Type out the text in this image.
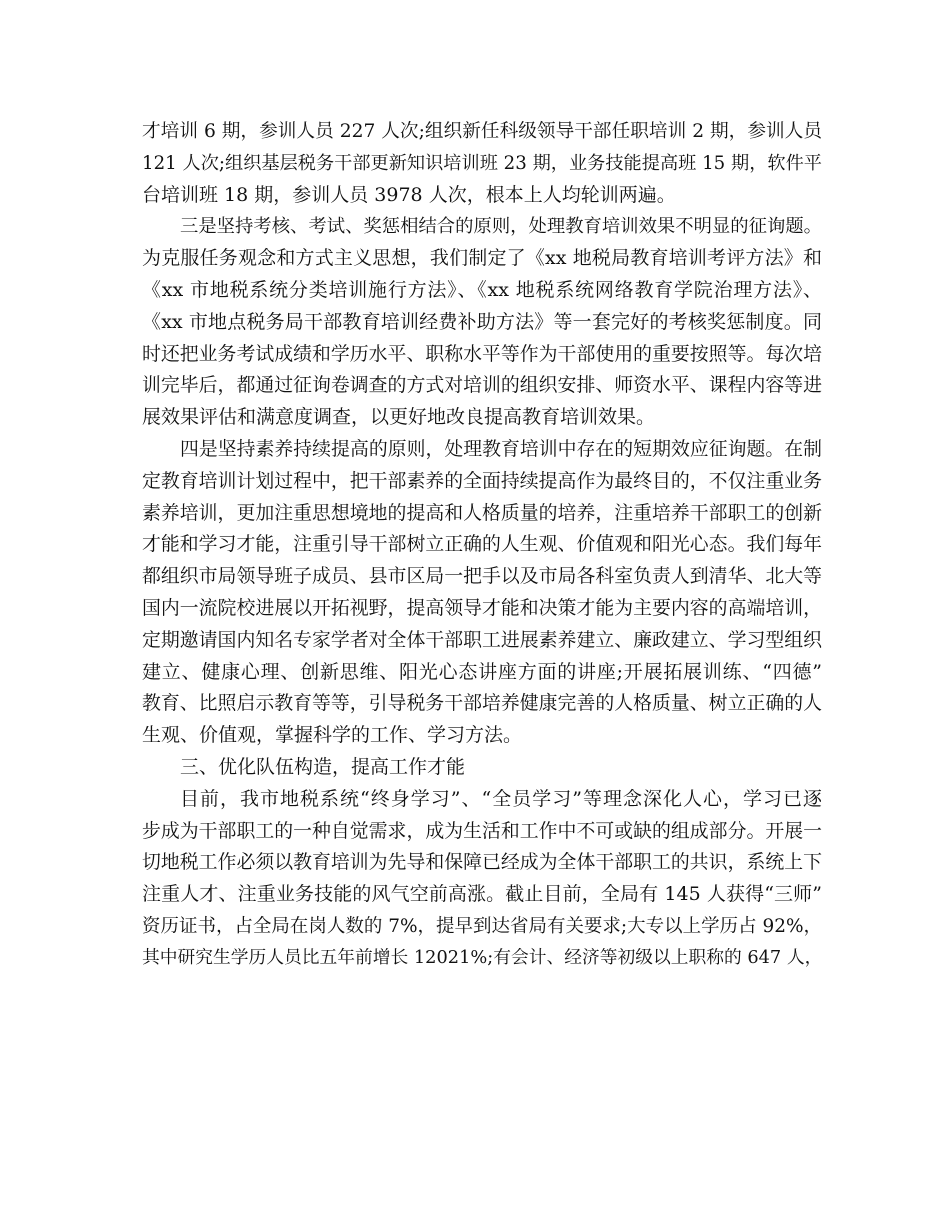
才培训 6 期，参训人员 227 人次;组织新任科级领导干部任职培训 2 期，参训人员
121 人次;组织基层税务干部更新知识培训班 23 期，业务技能提高班 15 期，软件平
台培训班 18 期，参训人员 3978 人次，根本上人均轮训两遍。
三是坚持考核、考试、奖惩相结合的原则，处理教育培训效果不明显的征询题。
为克服任务观念和方式主义思想，我们制定了《xx 地税局教育培训考评方法》和
《xx 市地税系统分类培训施行方法》、《xx 地税系统网络教育学院治理方法》、
《xx 市地点税务局干部教育培训经费补助方法》等一套完好的考核奖惩制度。同
时还把业务考试成绩和学历水平、职称水平等作为干部使用的重要按照等。每次培
训完毕后，都通过征询卷调查的方式对培训的组织安排、师资水平、课程内容等进
展效果评估和满意度调查，以更好地改良提高教育培训效果。
四是坚持素养持续提高的原则，处理教育培训中存在的短期效应征询题。在制
定教育培训计划过程中，把干部素养的全面持续提高作为最终目的，不仅注重业务
素养培训，更加注重思想境地的提高和人格质量的培养，注重培养干部职工的创新
才能和学习才能，注重引导干部树立正确的人生观、价值观和阳光心态。我们每年
都组织市局领导班子成员、县市区局一把手以及市局各科室负责人到清华、北大等
国内一流院校进展以开拓视野，提高领导才能和决策才能为主要内容的高端培训，
定期邀请国内知名专家学者对全体干部职工进展素养建立、廉政建立、学习型组织
建立、健康心理、创新思维、阳光心态讲座方面的讲座;开展拓展训练、“四德”
教育、比照启示教育等等，引导税务干部培养健康完善的人格质量、树立正确的人
生观、价值观，掌握科学的工作、学习方法。
三、优化队伍构造，提高工作才能
目前，我市地税系统“终身学习”、“全员学习”等理念深化人心，学习已逐
步成为干部职工的一种自觉需求，成为生活和工作中不可或缺的组成部分。开展一
切地税工作必须以教育培训为先导和保障已经成为全体干部职工的共识，系统上下
注重人才、注重业务技能的风气空前高涨。截止目前，全局有 145 人获得“三师”
资历证书，占全局在岗人数的 7%，提早到达省局有关要求;大专以上学历占 92%，
其中研究生学历人员比五年前增长 12021%;有会计、经济等初级以上职称的 647 人，
